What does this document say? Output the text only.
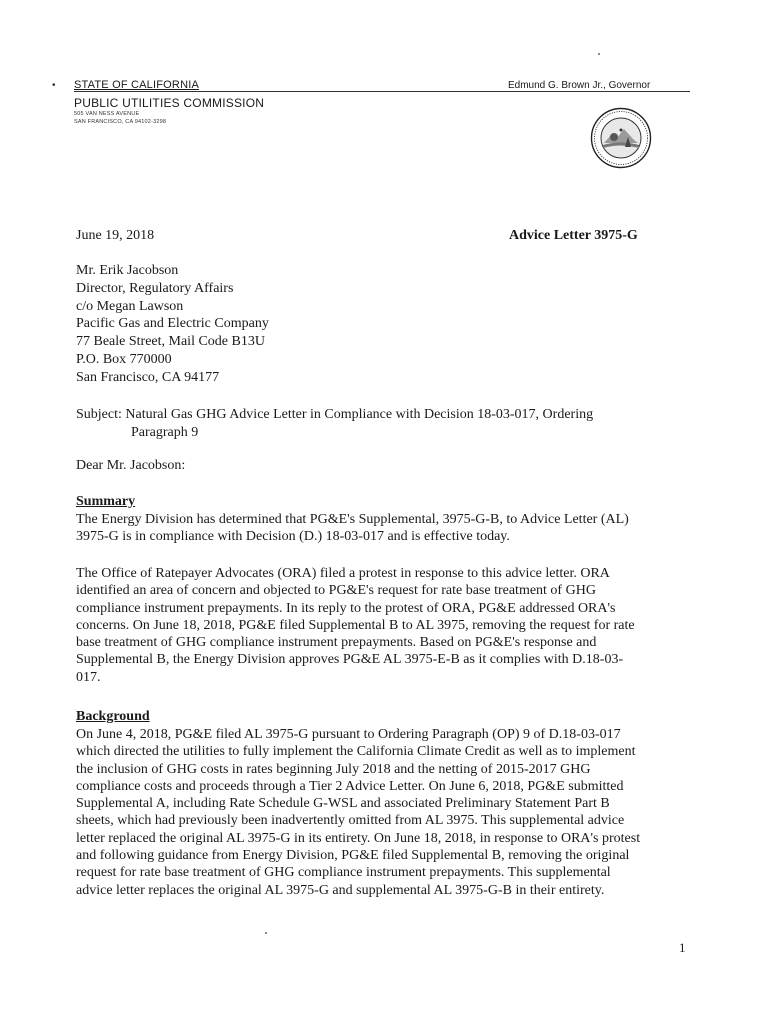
• STATE OF CALIFORNIA	Edmund G. Brown Jr., Governor
PUBLIC UTILITIES COMMISSION
505 VAN NESS AVENUE
SAN FRANCISCO, CA 94102-3298
June 19, 2018	Advice Letter 3975-G
Mr. Erik Jacobson
Director, Regulatory Affairs
c/o Megan Lawson
Pacific Gas and Electric Company
77 Beale Street, Mail Code B13U
P.O. Box 770000
San Francisco, CA 94177
Subject: Natural Gas GHG Advice Letter in Compliance with Decision 18-03-017, Ordering
Paragraph 9
Dear Mr. Jacobson:
Summary
The Energy Division has determined that PG&E's Supplemental, 3975-G-B, to Advice Letter (AL)
3975-G is in compliance with Decision (D.) 18-03-017 and is effective today.
The Office of Ratepayer Advocates (ORA) filed a protest in response to this advice letter. ORA
identified an area of concern and objected to PG&E's request for rate base treatment of GHG
compliance instrument prepayments. In its reply to the protest of ORA, PG&E addressed ORA's
concerns. On June 18, 2018, PG&E filed Supplemental B to AL 3975, removing the request for rate
base treatment of GHG compliance instrument prepayments. Based on PG&E's response and
Supplemental B, the Energy Division approves PG&E AL 3975-E-B as it complies with D.18-03-
017.
Background
On June 4, 2018, PG&E filed AL 3975-G pursuant to Ordering Paragraph (OP) 9 of D.18-03-017
which directed the utilities to fully implement the California Climate Credit as well as to implement
the inclusion of GHG costs in rates beginning July 2018 and the netting of 2015-2017 GHG
compliance costs and proceeds through a Tier 2 Advice Letter. On June 6, 2018, PG&E submitted
Supplemental A, including Rate Schedule G-WSL and associated Preliminary Statement Part B
sheets, which had previously been inadvertently omitted from AL 3975. This supplemental advice
letter replaced the original AL 3975-G in its entirety. On June 18, 2018, in response to ORA's protest
and following guidance from Energy Division, PG&E filed Supplemental B, removing the original
request for rate base treatment of GHG compliance instrument prepayments. This supplemental
advice letter replaces the original AL 3975-G and supplemental AL 3975-G-B in their entirety.
1
